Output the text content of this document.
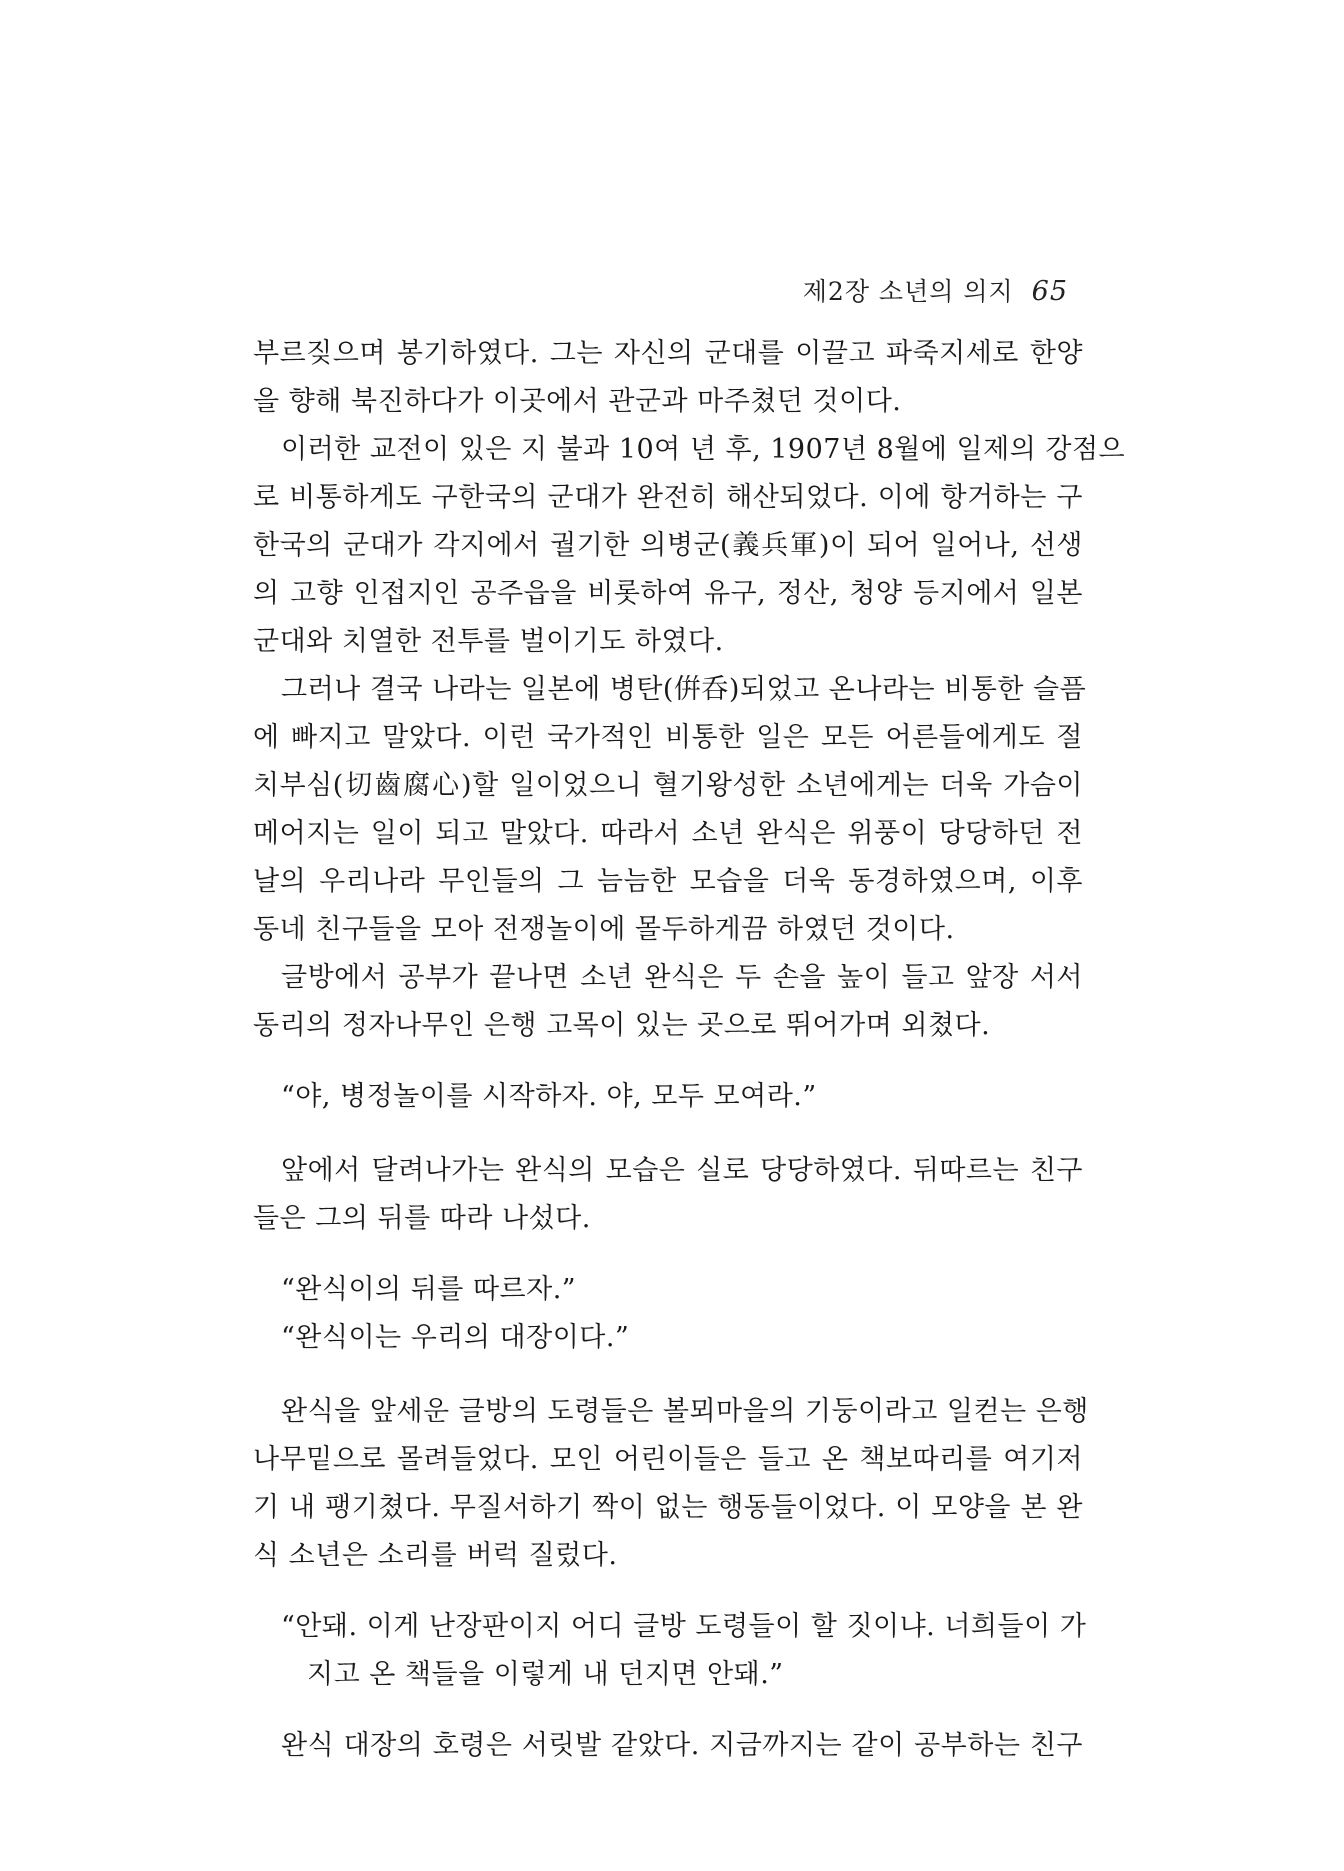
제2장 소년의 의지 65
부르짖으며 봉기하였다. 그는 자신의 군대를 이끌고 파죽지세로 한양
을 향해 북진하다가 이곳에서 관군과 마주쳤던 것이다.
이러한 교전이 있은 지 불과 10여 년 후, 1907년 8월에 일제의 강점으
로 비통하게도 구한국의 군대가 완전히 해산되었다. 이에 항거하는 구
한국의 군대가 각지에서 궐기한 의병군(義兵軍)이 되어 일어나, 선생
의 고향 인접지인 공주읍을 비롯하여 유구, 정산, 청양 등지에서 일본
군대와 치열한 전투를 벌이기도 하였다.
그러나 결국 나라는 일본에 병탄(倂呑)되었고 온나라는 비통한 슬픔
에 빠지고 말았다. 이런 국가적인 비통한 일은 모든 어른들에게도 절
치부심(切齒腐心)할 일이었으니 혈기왕성한 소년에게는 더욱 가슴이
메어지는 일이 되고 말았다. 따라서 소년 완식은 위풍이 당당하던 전
날의 우리나라 무인들의 그 늠늠한 모습을 더욱 동경하였으며, 이후
동네 친구들을 모아 전쟁놀이에 몰두하게끔 하였던 것이다.
글방에서 공부가 끝나면 소년 완식은 두 손을 높이 들고 앞장 서서
동리의 정자나무인 은행 고목이 있는 곳으로 뛰어가며 외쳤다.
“야, 병정놀이를 시작하자. 야, 모두 모여라.”
앞에서 달려나가는 완식의 모습은 실로 당당하였다. 뒤따르는 친구
들은 그의 뒤를 따라 나섰다.
“완식이의 뒤를 따르자.”
“완식이는 우리의 대장이다.”
완식을 앞세운 글방의 도령들은 볼뫼마을의 기둥이라고 일컫는 은행
나무밑으로 몰려들었다. 모인 어린이들은 들고 온 책보따리를 여기저
기 내 팽기쳤다. 무질서하기 짝이 없는 행동들이었다. 이 모양을 본 완
식 소년은 소리를 버럭 질렀다.
“안돼. 이게 난장판이지 어디 글방 도령들이 할 짓이냐. 너희들이 가
지고 온 책들을 이렇게 내 던지면 안돼.”
완식 대장의 호령은 서릿발 같았다. 지금까지는 같이 공부하는 친구
